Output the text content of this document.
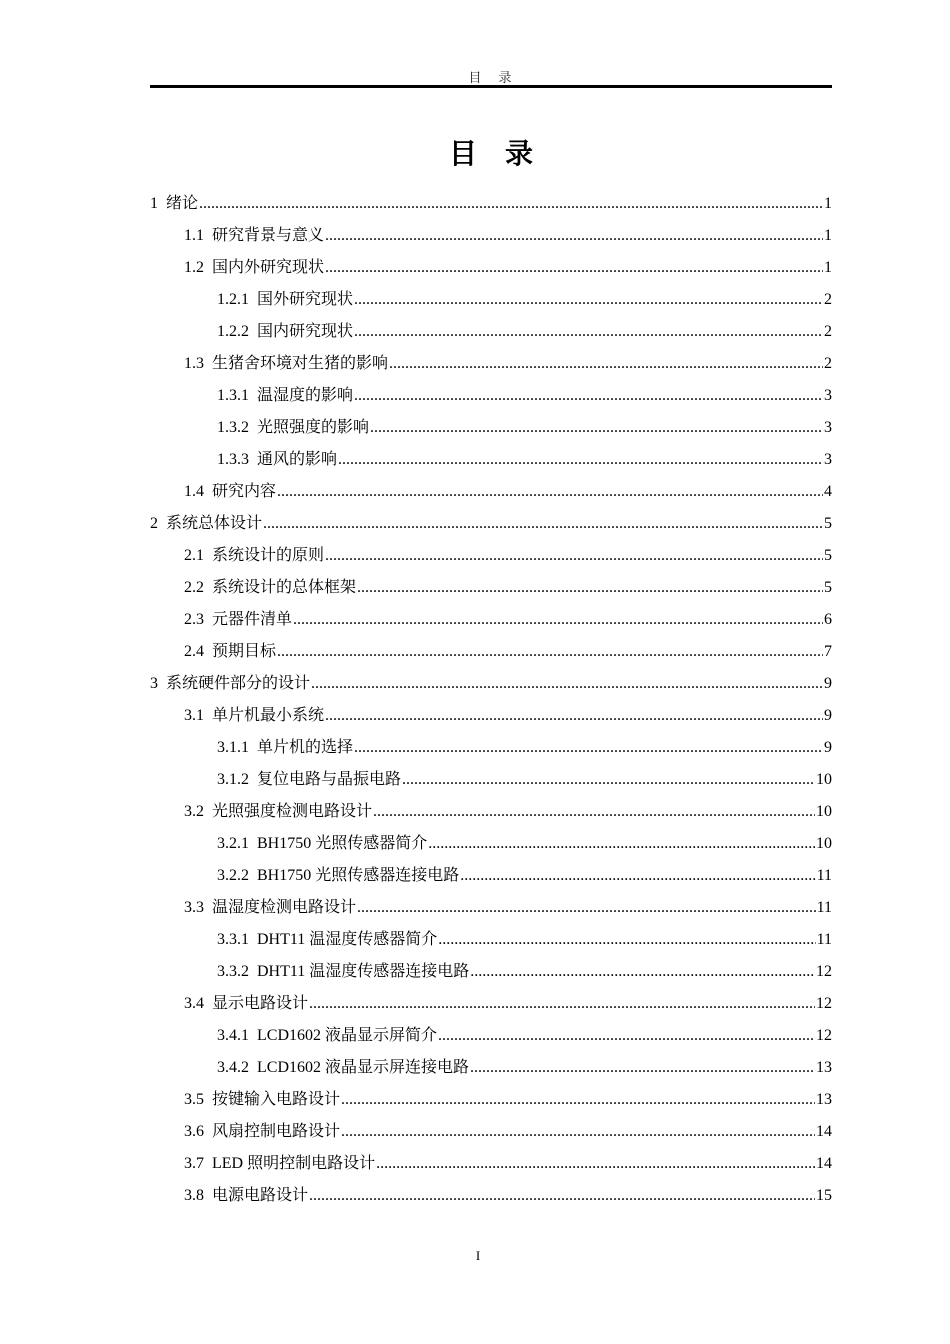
目　录
目　录
1 绪论 .....	1
1.1 研究背景与意义 .....	1
1.2 国内外研究现状 .....	1
1.2.1 国外研究现状 .....	2
1.2.2 国内研究现状 .....	2
1.3 生猪舍环境对生猪的影响 .....	2
1.3.1 温湿度的影响 .....	3
1.3.2 光照强度的影响 .....	3
1.3.3 通风的影响 .....	3
1.4 研究内容 .....	4
2 系统总体设计 .....	5
2.1 系统设计的原则 .....	5
2.2 系统设计的总体框架 .....	5
2.3 元器件清单 .....	6
2.4 预期目标 .....	7
3 系统硬件部分的设计 .....	9
3.1 单片机最小系统 .....	9
3.1.1 单片机的选择 .....	9
3.1.2 复位电路与晶振电路 .....	10
3.2 光照强度检测电路设计 .....	10
3.2.1 BH1750 光照传感器简介 .....	10
3.2.2 BH1750 光照传感器连接电路 .....	11
3.3 温湿度检测电路设计 .....	11
3.3.1 DHT11 温湿度传感器简介 .....	11
3.3.2 DHT11 温湿度传感器连接电路 .....	12
3.4 显示电路设计 .....	12
3.4.1 LCD1602 液晶显示屏简介 .....	12
3.4.2 LCD1602 液晶显示屏连接电路 .....	13
3.5 按键输入电路设计 .....	13
3.6 风扇控制电路设计 .....	14
3.7 LED 照明控制电路设计 .....	14
3.8 电源电路设计 .....	15
I
